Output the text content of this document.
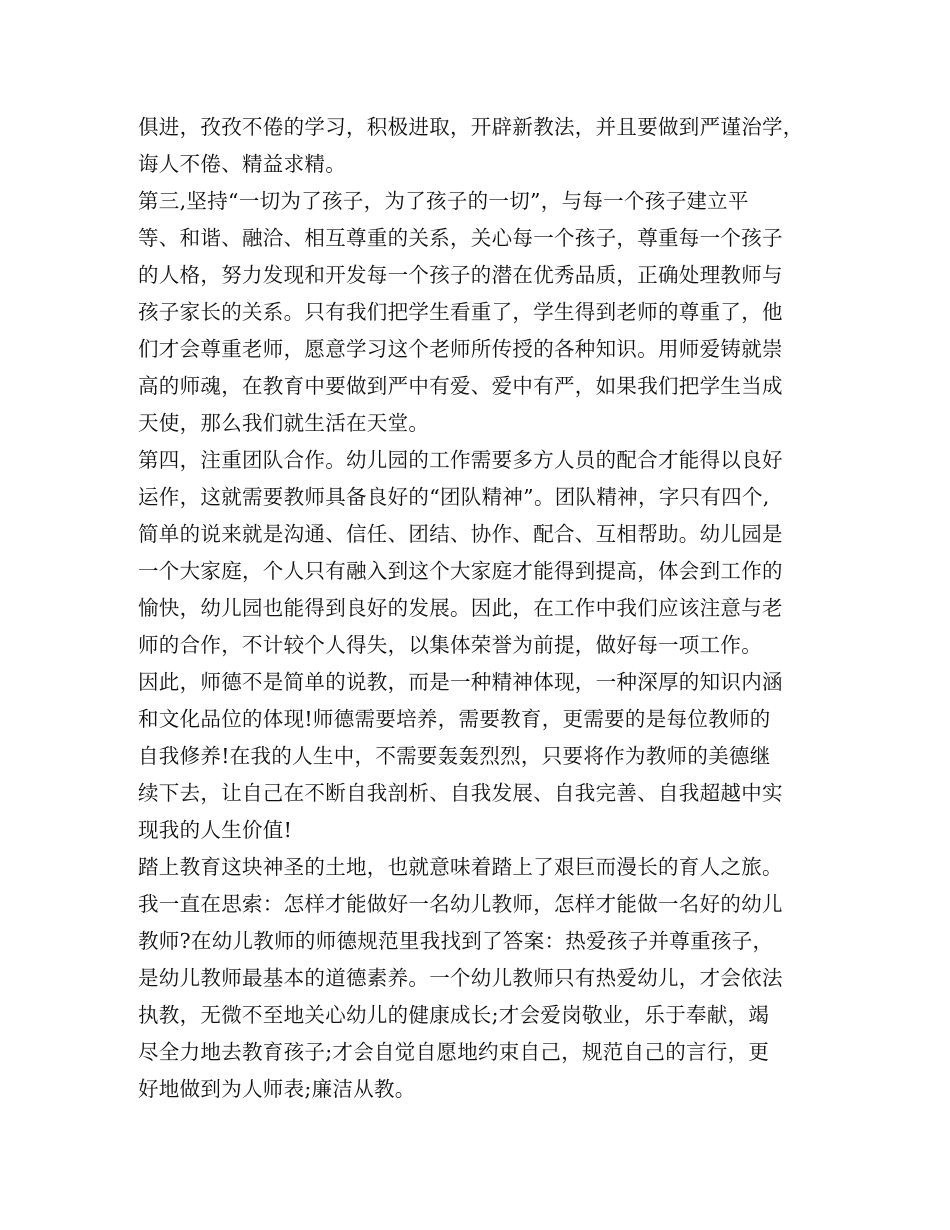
俱进，孜孜不倦的学习，积极进取，开辟新教法，并且要做到严谨治学，
诲人不倦、精益求精。
第三,坚持“一切为了孩子，为了孩子的一切”，与每一个孩子建立平
等、和谐、融洽、相互尊重的关系，关心每一个孩子，尊重每一个孩子
的人格，努力发现和开发每一个孩子的潜在优秀品质，正确处理教师与
孩子家长的关系。只有我们把学生看重了，学生得到老师的尊重了，他
们才会尊重老师，愿意学习这个老师所传授的各种知识。用师爱铸就崇
高的师魂，在教育中要做到严中有爱、爱中有严，如果我们把学生当成
天使，那么我们就生活在天堂。
第四，注重团队合作。幼儿园的工作需要多方人员的配合才能得以良好
运作，这就需要教师具备良好的“团队精神”。团队精神，字只有四个,
简单的说来就是沟通、信任、团结、协作、配合、互相帮助。幼儿园是
一个大家庭，个人只有融入到这个大家庭才能得到提高，体会到工作的
愉快，幼儿园也能得到良好的发展。因此，在工作中我们应该注意与老
师的合作，不计较个人得失，以集体荣誉为前提，做好每一项工作。
因此，师德不是简单的说教，而是一种精神体现，一种深厚的知识内涵
和文化品位的体现!师德需要培养，需要教育，更需要的是每位教师的
自我修养!在我的人生中，不需要轰轰烈烈，只要将作为教师的美德继
续下去，让自己在不断自我剖析、自我发展、自我完善、自我超越中实
现我的人生价值!
踏上教育这块神圣的土地，也就意味着踏上了艰巨而漫长的育人之旅。
我一直在思索：怎样才能做好一名幼儿教师，怎样才能做一名好的幼儿
教师?在幼儿教师的师德规范里我找到了答案：热爱孩子并尊重孩子，
是幼儿教师最基本的道德素养。一个幼儿教师只有热爱幼儿，才会依法
执教，无微不至地关心幼儿的健康成长;才会爱岗敬业，乐于奉献，竭
尽全力地去教育孩子;才会自觉自愿地约束自己，规范自己的言行，更
好地做到为人师表;廉洁从教。
